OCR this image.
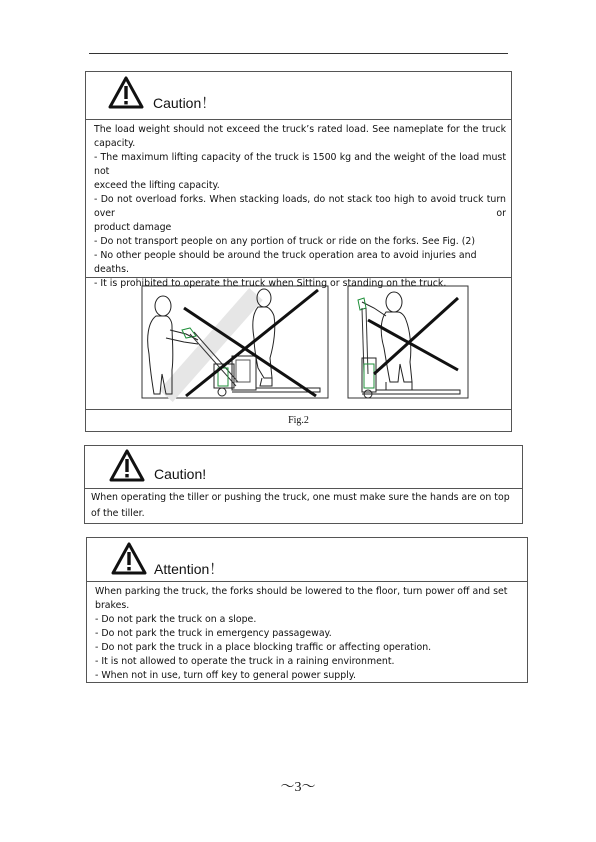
Caution！

The load weight should not exceed the truck’s rated load. See nameplate for the truck

capacity.

- The maximum lifting capacity of the truck is 1500 kg and the weight of the load must not

exceed the lifting capacity.

- Do not overload forks. When stacking loads, do not stack too high to avoid truck turn over or

product damage

- Do not transport people on any portion of truck or ride on the forks. See Fig. (2)

- No other people should be around the truck operation area to avoid injuries and deaths.

- It is prohibited to operate the truck when Sitting or standing on the truck.

Fig.2
Caution!
When operating the tiller or pushing the truck, one must make sure the hands are on top of the tiller.
Attention！

When parking the truck, the forks should be lowered to the floor, turn power off and set brakes.

- Do not park the truck on a slope.

- Do not park the truck in emergency passageway.

- Do not park the truck in a place blocking traffic or affecting operation.

- It is not allowed to operate the truck in a raining environment.

- When not in use, turn off key to general power supply.

～3～
